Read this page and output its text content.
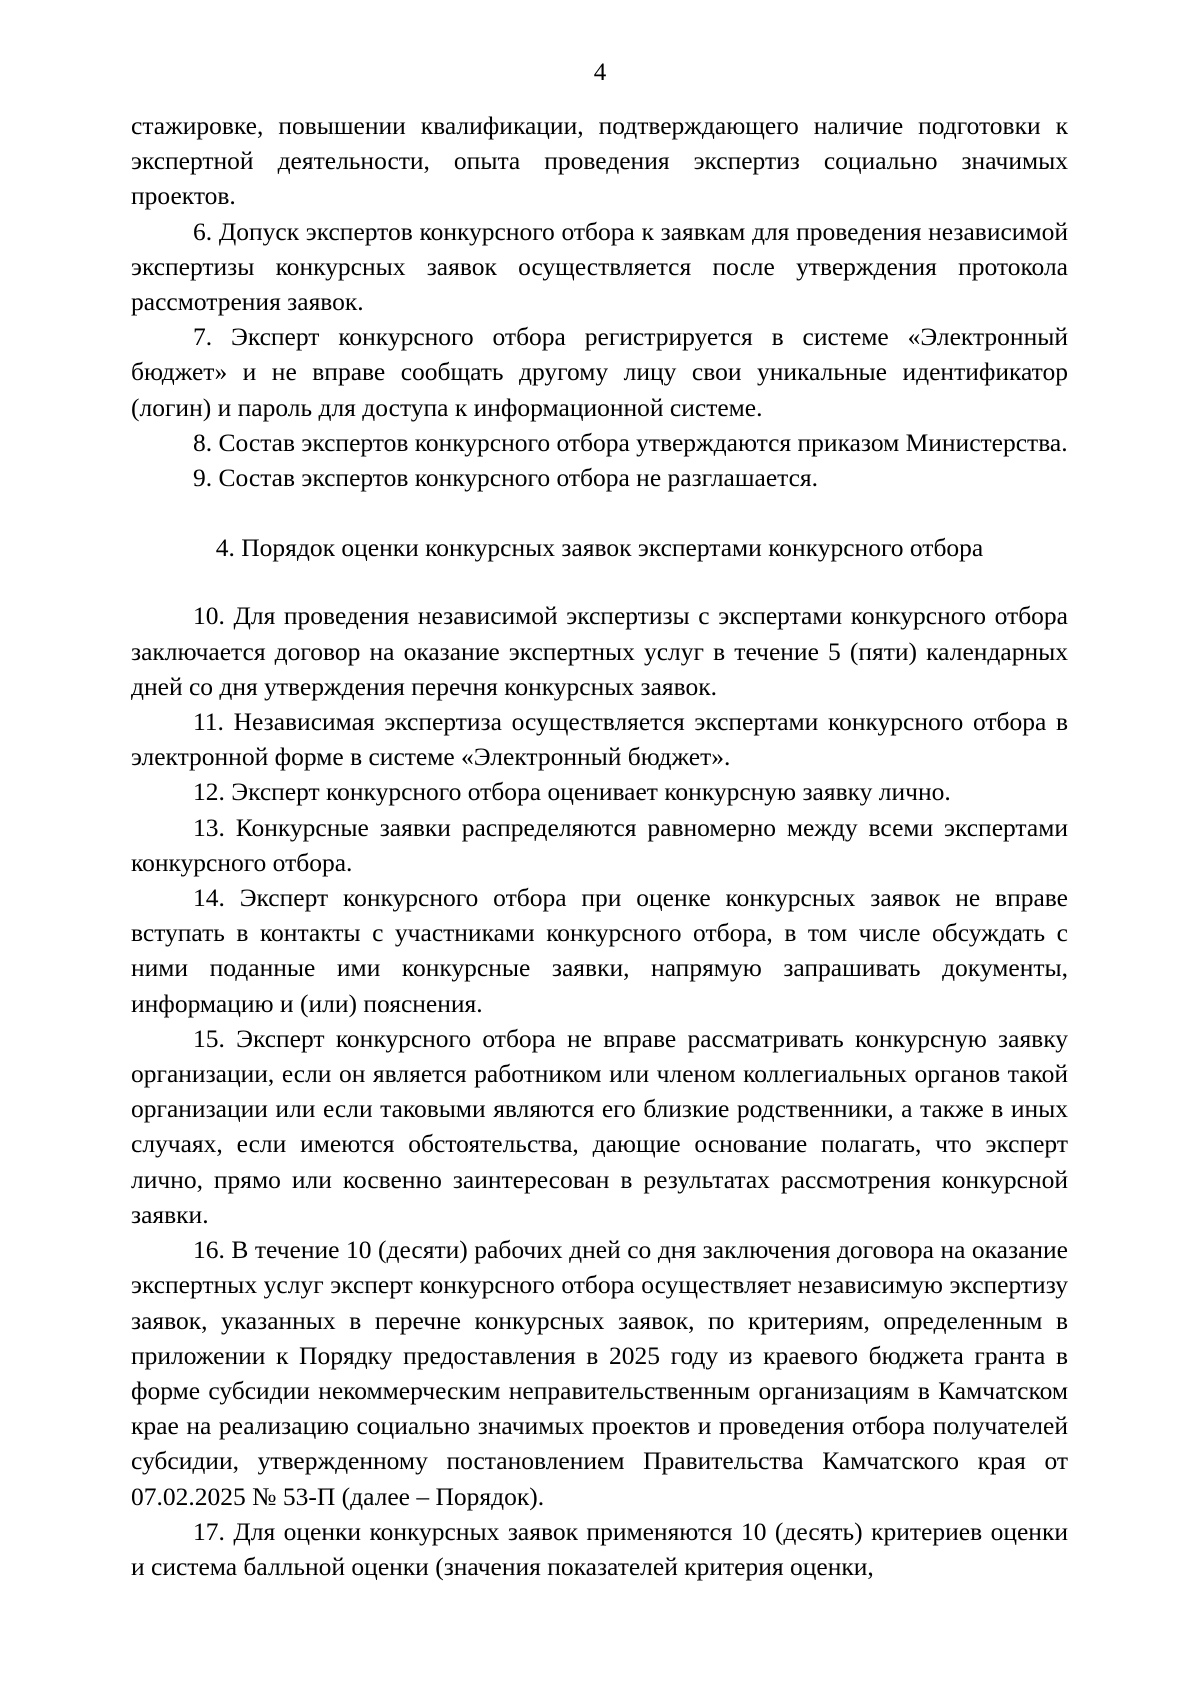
4

стажировке, повышении квалификации, подтверждающего наличие подготовки к экспертной деятельности, опыта проведения экспертиз социально значимых проектов.

6. Допуск экспертов конкурсного отбора к заявкам для проведения независимой экспертизы конкурсных заявок осуществляется после утверждения протокола рассмотрения заявок.

7. Эксперт конкурсного отбора регистрируется в системе «Электронный бюджет» и не вправе сообщать другому лицу свои уникальные идентификатор (логин) и пароль для доступа к информационной системе.

8. Состав экспертов конкурсного отбора утверждаются приказом Министерства.

9. Состав экспертов конкурсного отбора не разглашается.

4. Порядок оценки конкурсных заявок экспертами конкурсного отбора

10. Для проведения независимой экспертизы с экспертами конкурсного отбора заключается договор на оказание экспертных услуг в течение 5 (пяти) календарных дней со дня утверждения перечня конкурсных заявок.

11. Независимая экспертиза осуществляется экспертами конкурсного отбора в электронной форме в системе «Электронный бюджет».

12. Эксперт конкурсного отбора оценивает конкурсную заявку лично.

13. Конкурсные заявки распределяются равномерно между всеми экспертами конкурсного отбора.

14. Эксперт конкурсного отбора при оценке конкурсных заявок не вправе вступать в контакты с участниками конкурсного отбора, в том числе обсуждать с ними поданные ими конкурсные заявки, напрямую запрашивать документы, информацию и (или) пояснения.

15. Эксперт конкурсного отбора не вправе рассматривать конкурсную заявку организации, если он является работником или членом коллегиальных органов такой организации или если таковыми являются его близкие родственники, а также в иных случаях, если имеются обстоятельства, дающие основание полагать, что эксперт лично, прямо или косвенно заинтересован в результатах рассмотрения конкурсной заявки.

16. В течение 10 (десяти) рабочих дней со дня заключения договора на оказание экспертных услуг эксперт конкурсного отбора осуществляет независимую экспертизу заявок, указанных в перечне конкурсных заявок, по критериям, определенным в приложении к Порядку предоставления в 2025 году из краевого бюджета гранта в форме субсидии некоммерческим неправительственным организациям в Камчатском крае на реализацию социально значимых проектов и проведения отбора получателей субсидии, утвержденному постановлением Правительства Камчатского края от 07.02.2025 № 53-П (далее – Порядок).

17. Для оценки конкурсных заявок применяются 10 (десять) критериев оценки и система балльной оценки (значения показателей критерия оценки,
